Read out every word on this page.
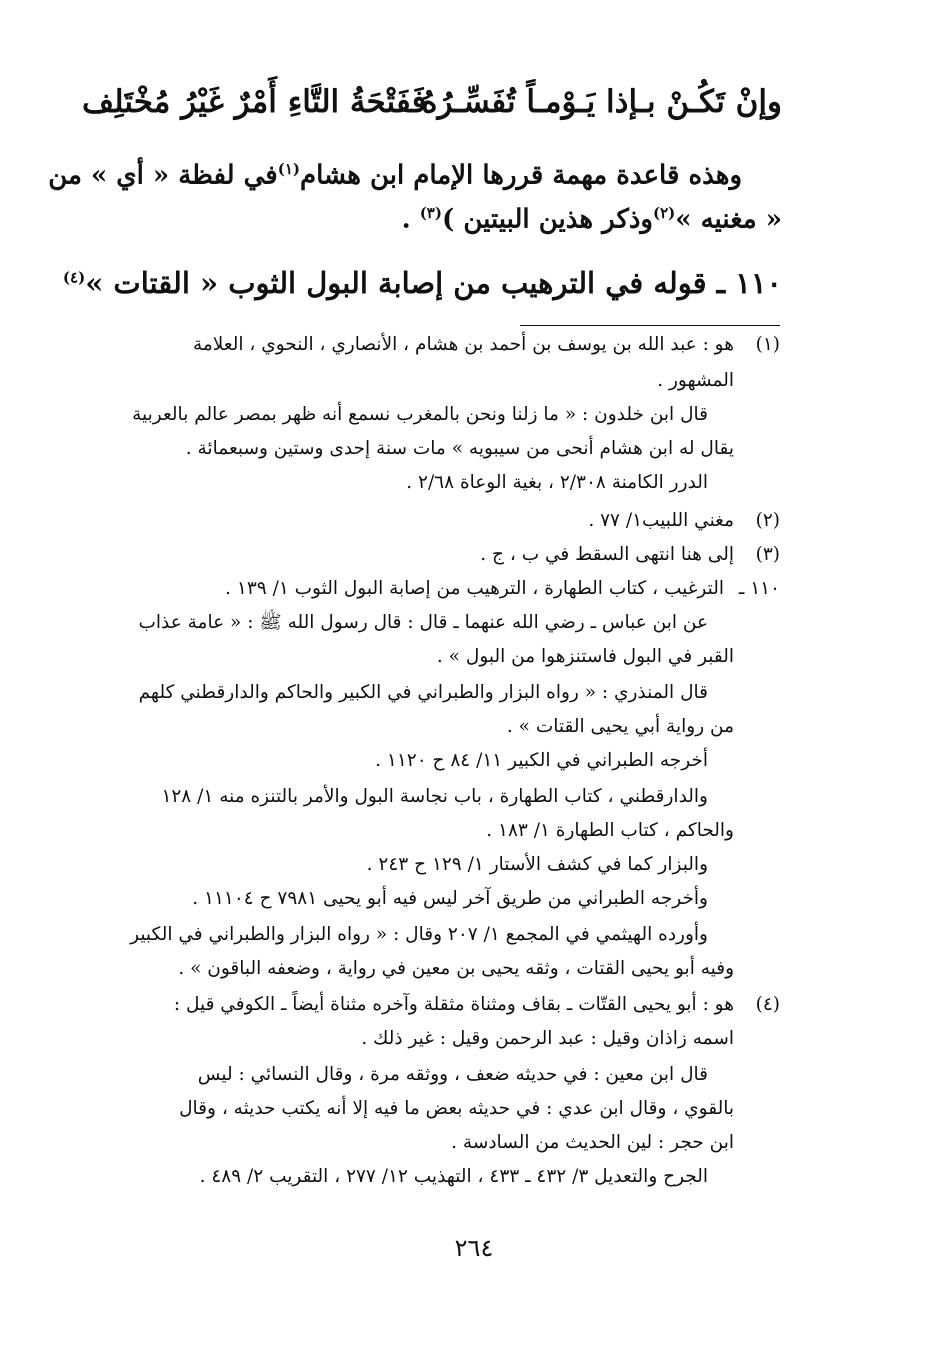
وإنْ تَكُـنْ بـإذا يَـوْمـاً تُفَسِّـرُهُ
فَفَتْحَةُ التَّاءِ أَمْرٌ غَيْرُ مُخْتَلِف
وهذه قاعدة مهمة قررها الإمام ابن هشام$^{(١)}$في لفظة « أي » من
« مغنيه »$^{(٢)}$وذكر هذين البيتين )$^{(٣)}$ .
١١٠ ـ قوله في الترهيب من إصابة البول الثوب « القتات »$^{(٤)}$
(١)
هو : عبد الله بن يوسف بن أحمد بن هشام ، الأنصاري ، النحوي ، العلامة
المشهور .
قال ابن خلدون : « ما زلنا ونحن بالمغرب نسمع أنه ظهر بمصر عالم بالعربية
يقال له ابن هشام أنحى من سيبويه » مات سنة إحدى وستين وسبعمائة .
الدرر الكامنة ٢/٣٠٨ ، بغية الوعاة ٢/٦٨ .
(٢)
مغني اللبيب١/ ٧٧ .
(٣)
إلى هنا انتهى السقط في ب ، ج .
١١٠ ـ
الترغيب ، كتاب الطهارة ، الترهيب من إصابة البول الثوب ١/ ١٣٩ .
عن ابن عباس ـ رضي الله عنهما ـ قال : قال رسول الله ﷺ : « عامة عذاب
القبر في البول فاستنزهوا من البول » .
قال المنذري : « رواه البزار والطبراني في الكبير والحاكم والدارقطني كلهم
من رواية أبي يحيى القتات » .
أخرجه الطبراني في الكبير ١١/ ٨٤ ح ١١٢٠ .
والدارقطني ، كتاب الطهارة ، باب نجاسة البول والأمر بالتنزه منه ١/ ١٢٨
والحاكم ، كتاب الطهارة ١/ ١٨٣ .
والبزار كما في كشف الأستار ١/ ١٢٩ ح ٢٤٣ .
وأخرجه الطبراني من طريق آخر ليس فيه أبو يحيى ٧٩٨١ ح ١١١٠٤ .
وأورده الهيثمي في المجمع ١/ ٢٠٧ وقال : « رواه البزار والطبراني في الكبير
وفيه أبو يحيى القتات ، وثقه يحيى بن معين في رواية ، وضعفه الباقون » .
(٤)
هو : أبو يحيى القتّات ـ بقاف ومثناة مثقلة وآخره مثناة أيضاً ـ الكوفي قيل :
اسمه زاذان وقيل : عبد الرحمن وقيل : غير ذلك .
قال ابن معين : في حديثه ضعف ، ووثقه مرة ، وقال النسائي : ليس
بالقوي ، وقال ابن عدي : في حديثه بعض ما فيه إلا أنه يكتب حديثه ، وقال
ابن حجر : لين الحديث من السادسة .
الجرح والتعديل ٣/ ٤٣٢ ـ ٤٣٣ ، التهذيب ١٢/ ٢٧٧ ، التقريب ٢/ ٤٨٩ .
٢٦٤
